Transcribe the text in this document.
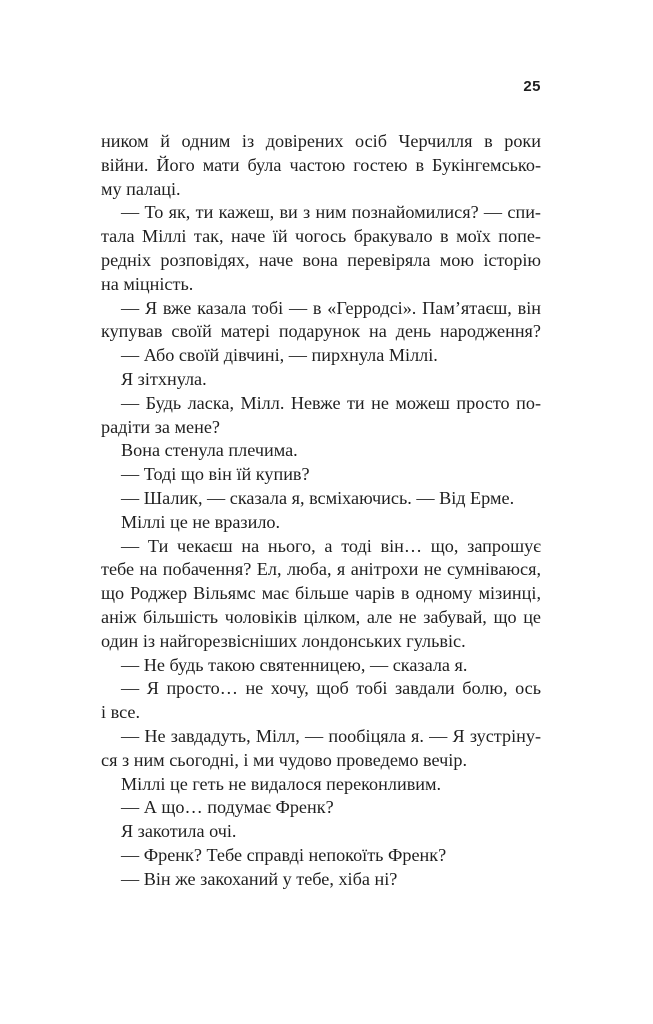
25
ником й одним із довірених осіб Черчилля в роки
війни. Його мати була частою гостею в Букінгемсько-
му палаці.
— То як, ти кажеш, ви з ним познайомилися? — спи-
тала Міллі так, наче їй чогось бракувало в моїх попе-
редніх розповідях, наче вона перевіряла мою історію
на міцність.
— Я вже казала тобі — в «Герродсі». Пам’ятаєш, він
купував своїй матері подарунок на день народження?
— Або своїй дівчині, — пирхнула Міллі.
Я зітхнула.
— Будь ласка, Мілл. Невже ти не можеш просто по-
радіти за мене?
Вона стенула плечима.
— Тоді що він їй купив?
— Шалик, — сказала я, всміхаючись. — Від Ерме.
Міллі це не вразило.
— Ти чекаєш на нього, а тоді він… що, запрошує
тебе на побачення? Ел, люба, я анітрохи не сумніваюся,
що Роджер Вільямс має більше чарів в одному мізинці,
аніж більшість чоловіків цілком, але не забувай, що це
один із найгорезвісніших лондонських гульвіс.
— Не будь такою святенницею, — сказала я.
— Я просто… не хочу, щоб тобі завдали болю, ось
і все.
— Не завдадуть, Мілл, — пообіцяла я. — Я зустріну-
ся з ним сьогодні, і ми чудово проведемо вечір.
Міллі це геть не видалося переконливим.
— А що… подумає Френк?
Я закотила очі.
— Френк? Тебе справді непокоїть Френк?
— Він же закоханий у тебе, хіба ні?
